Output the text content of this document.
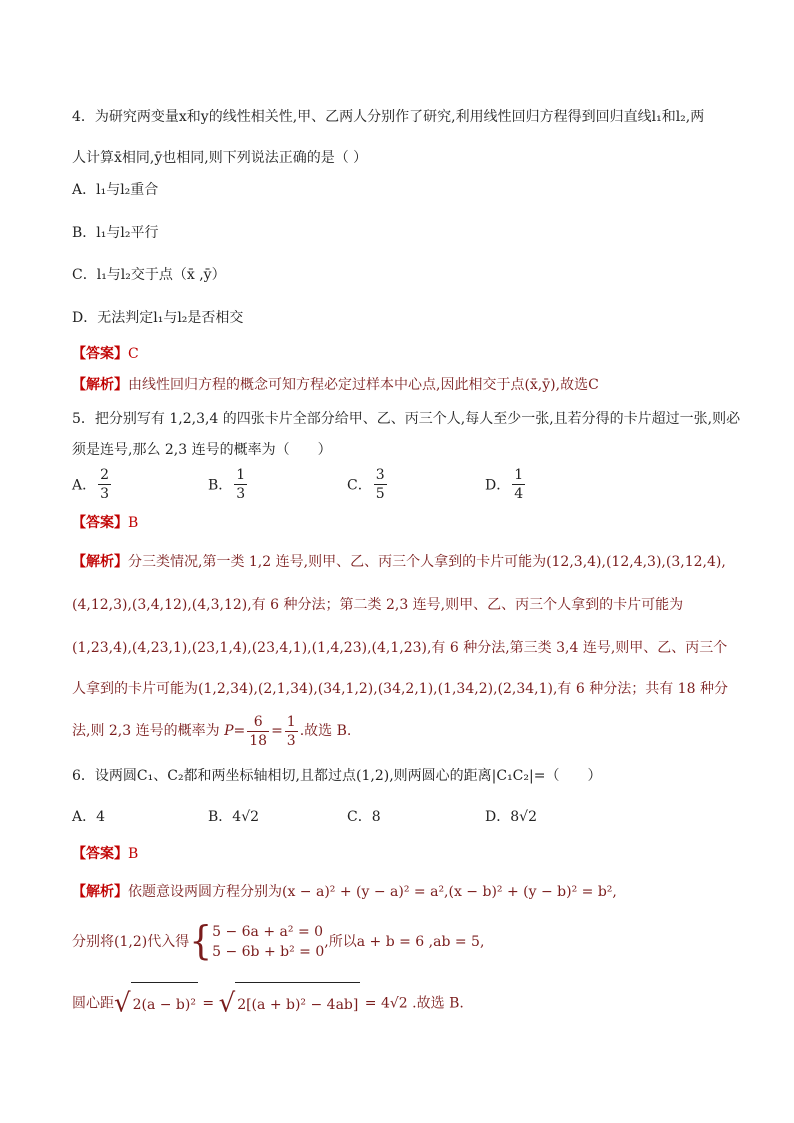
4．为研究两变量x和y的线性相关性,甲、乙两人分别作了研究,利用线性回归方程得到回归直线l₁和l₂,两
人计算x̄相同,ȳ也相同,则下列说法正确的是（ ）
A．l₁与l₂重合
B．l₁与l₂平行
C．l₁与l₂交于点（x̄ ,ȳ）
D．无法判定l₁与l₂是否相交
【答案】C
【解析】由线性回归方程的概念可知方程必定过样本中心点,因此相交于点(x̄,ȳ),故选C
5．把分别写有 1,2,3,4 的四张卡片全部分给甲、乙、丙三个人,每人至少一张,且若分得的卡片超过一张,则必
须是连号,那么 2,3 连号的概率为（　　）
A． $\frac{2}{3}$	B． $\frac{1}{3}$	C． $\frac{3}{5}$	D． $\frac{1}{4}$
【答案】B
【解析】分三类情况,第一类 1,2 连号,则甲、乙、丙三个人拿到的卡片可能为(12,3,4),(12,4,3),(3,12,4),
(4,12,3),(3,4,12),(4,3,12),有 6 种分法；第二类 2,3 连号,则甲、乙、丙三个人拿到的卡片可能为
(1,23,4),(4,23,1),(23,1,4),(23,4,1),(1,4,23),(4,1,23),有 6 种分法,第三类 3,4 连号,则甲、乙、丙三个
人拿到的卡片可能为(1,2,34),(2,1,34),(34,1,2),(34,2,1),(1,34,2),(2,34,1),有 6 种分法；共有 18 种分
法,则 2,3 连号的概率为 $P= \frac{6}{18} = \frac{1}{3}$ .故选 B.
6．设两圆C₁、C₂都和两坐标轴相切,且都过点(1,2),则两圆心的距离|C₁C₂|=（　　）
A．4	B．4√2	C．8	D．8√2
【答案】B
【解析】依题意设两圆方程分别为(x − a)² + (y − a)² = a²,(x − b)² + (y − b)² = b²,
分别将(1,2)代入得{ 5 − 6a + a² = 0
5 − 6b + b² = 0
,所以a + b = 6 ,ab = 5,
圆心距√ 2(a − b)² = √ 2[(a + b)² − 4ab] = 4√2 .故选 B.
